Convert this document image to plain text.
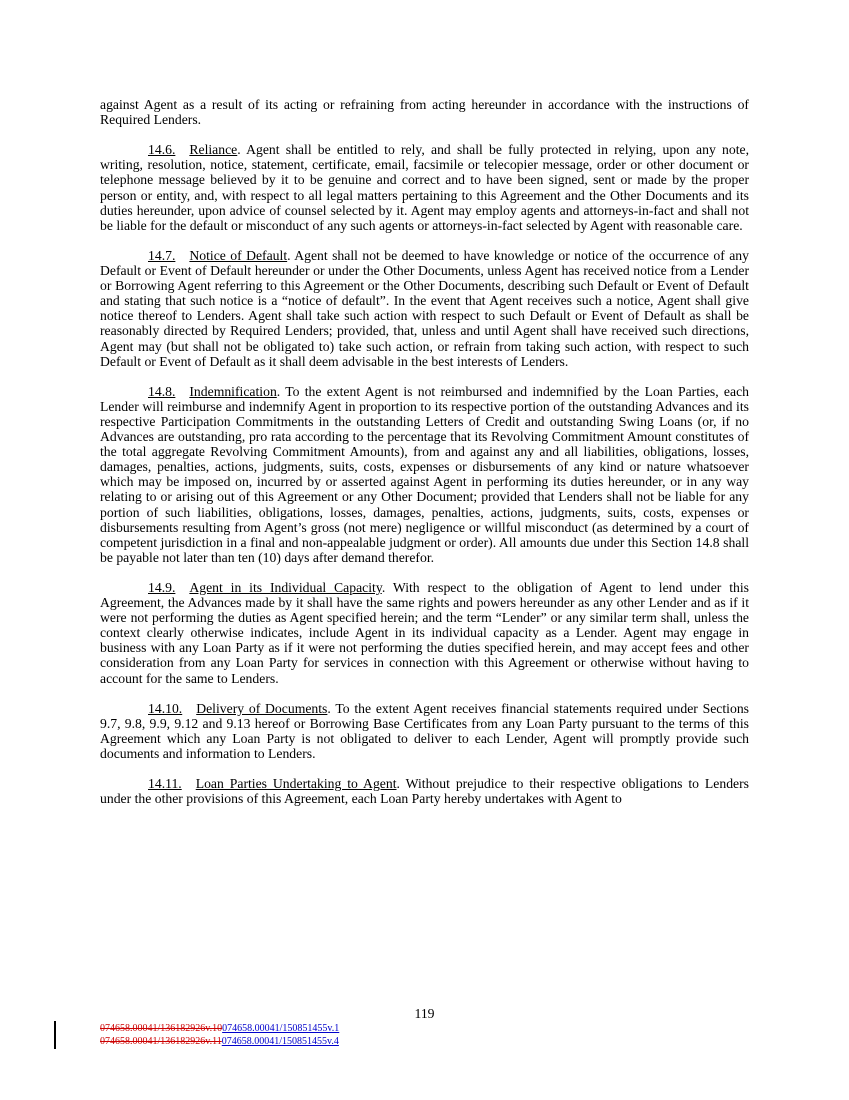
against Agent as a result of its acting or refraining from acting hereunder in accordance with the instructions of Required Lenders.

14.6. Reliance. Agent shall be entitled to rely, and shall be fully protected in relying, upon any note, writing, resolution, notice, statement, certificate, email, facsimile or telecopier message, order or other document or telephone message believed by it to be genuine and correct and to have been signed, sent or made by the proper person or entity, and, with respect to all legal matters pertaining to this Agreement and the Other Documents and its duties hereunder, upon advice of counsel selected by it. Agent may employ agents and attorneys-in-fact and shall not be liable for the default or misconduct of any such agents or attorneys-in-fact selected by Agent with reasonable care.

14.7. Notice of Default. Agent shall not be deemed to have knowledge or notice of the occurrence of any Default or Event of Default hereunder or under the Other Documents, unless Agent has received notice from a Lender or Borrowing Agent referring to this Agreement or the Other Documents, describing such Default or Event of Default and stating that such notice is a “notice of default”. In the event that Agent receives such a notice, Agent shall give notice thereof to Lenders. Agent shall take such action with respect to such Default or Event of Default as shall be reasonably directed by Required Lenders; provided, that, unless and until Agent shall have received such directions, Agent may (but shall not be obligated to) take such action, or refrain from taking such action, with respect to such Default or Event of Default as it shall deem advisable in the best interests of Lenders.

14.8. Indemnification. To the extent Agent is not reimbursed and indemnified by the Loan Parties, each Lender will reimburse and indemnify Agent in proportion to its respective portion of the outstanding Advances and its respective Participation Commitments in the outstanding Letters of Credit and outstanding Swing Loans (or, if no Advances are outstanding, pro rata according to the percentage that its Revolving Commitment Amount constitutes of the total aggregate Revolving Commitment Amounts), from and against any and all liabilities, obligations, losses, damages, penalties, actions, judgments, suits, costs, expenses or disbursements of any kind or nature whatsoever which may be imposed on, incurred by or asserted against Agent in performing its duties hereunder, or in any way relating to or arising out of this Agreement or any Other Document; provided that Lenders shall not be liable for any portion of such liabilities, obligations, losses, damages, penalties, actions, judgments, suits, costs, expenses or disbursements resulting from Agent’s gross (not mere) negligence or willful misconduct (as determined by a court of competent jurisdiction in a final and non-appealable judgment or order). All amounts due under this Section 14.8 shall be payable not later than ten (10) days after demand therefor.

14.9. Agent in its Individual Capacity. With respect to the obligation of Agent to lend under this Agreement, the Advances made by it shall have the same rights and powers hereunder as any other Lender and as if it were not performing the duties as Agent specified herein; and the term “Lender” or any similar term shall, unless the context clearly otherwise indicates, include Agent in its individual capacity as a Lender. Agent may engage in business with any Loan Party as if it were not performing the duties specified herein, and may accept fees and other consideration from any Loan Party for services in connection with this Agreement or otherwise without having to account for the same to Lenders.

14.10. Delivery of Documents. To the extent Agent receives financial statements required under Sections 9.7, 9.8, 9.9, 9.12 and 9.13 hereof or Borrowing Base Certificates from any Loan Party pursuant to the terms of this Agreement which any Loan Party is not obligated to deliver to each Lender, Agent will promptly provide such documents and information to Lenders.

14.11. Loan Parties Undertaking to Agent. Without prejudice to their respective obligations to Lenders under the other provisions of this Agreement, each Loan Party hereby undertakes with Agent to

119
074658.00041/136182926v.10074658.00041/150851455v.1
074658.00041/136182926v.11074658.00041/150851455v.4
